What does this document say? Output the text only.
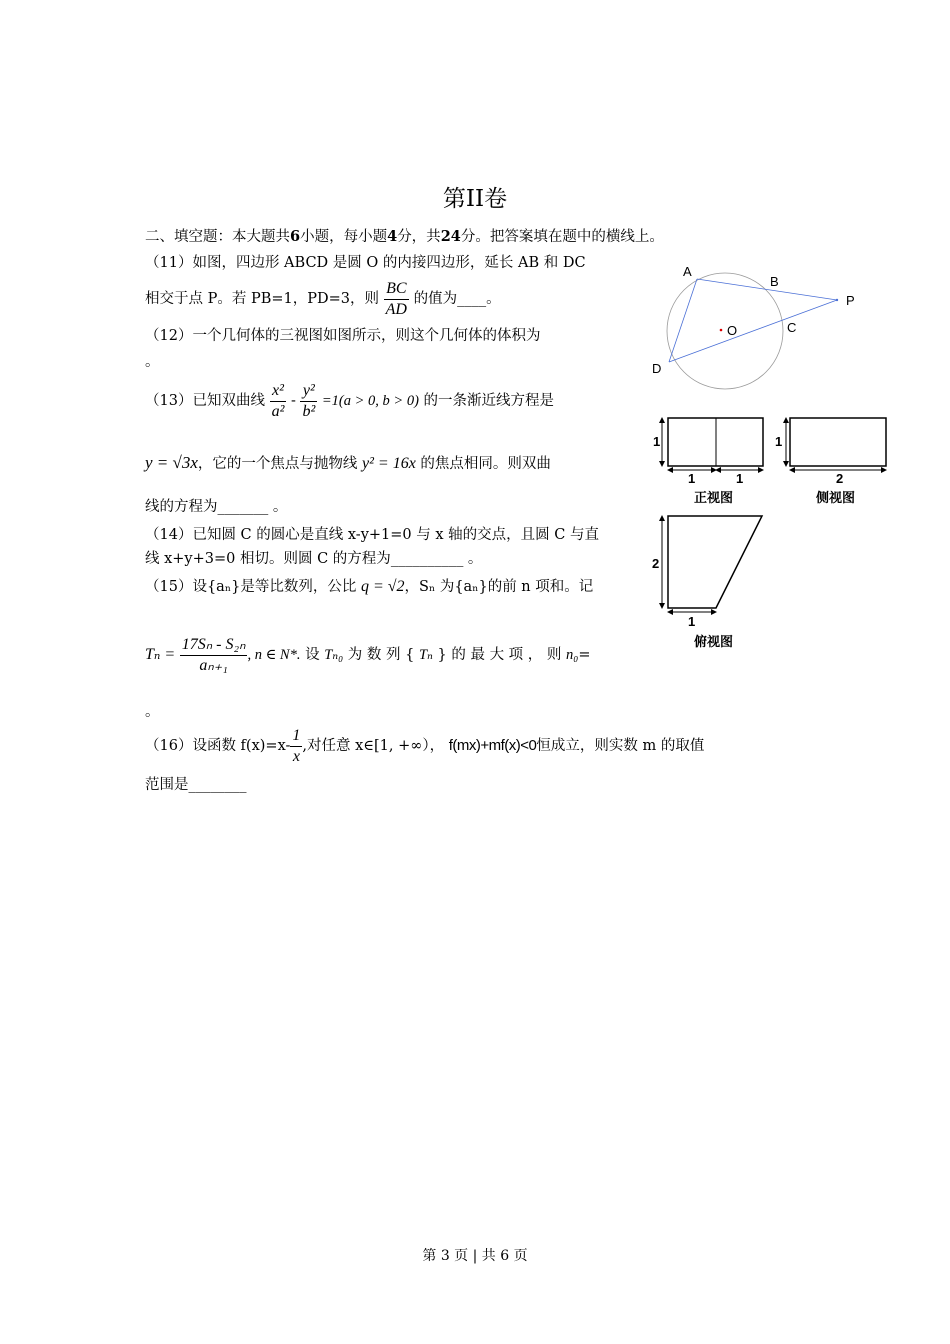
第II卷
二、填空题：本大题共6小题，每小题4分，共24分。把答案填在题中的横线上。
（11）如图，四边形 ABCD 是圆 O 的内接四边形，延长 AB 和 DC
相交于点 P。若 PB=1，PD=3，则 $\frac{BC}{AD}$ 的值为____。
（12）一个几何体的三视图如图所示，则这个几何体的体积为
。
（13）已知双曲线 $\frac{\text{x²}}{\text{a²}} - \frac{\text{y²}}{\text{b²}} =1(a > 0$, b > 0) 的一条渐近线方程是
y = √3x，它的一个焦点与抛物线 y² = 16x 的焦点相同。则双曲
线的方程为_______ 。
（14）已知圆 C 的圆心是直线 x-y+1=0 与 x 轴的交点，且圆 C 与直
线 x+y+3=0 相切。则圆 C 的方程为__________ 。
（15）设{aₙ}是等比数列，公比 q = √2，Sₙ 为{aₙ}的前 n 项和。记
$T_n = \frac{\text{17Sₙ - S₂ₙ}}{\text{aₙ₊₁}}$ , n ∈ N*. 设 Tₙ₀ 为 数 列 { Tₙ } 的 最 大 项 ， 则 n₀=
。
（16）设函数 $f(x)=x- \frac{1}{x}$ ,对任意 x∈[1, +∞）， f(mx)+mf(x)<0恒成立，则实数 m 的取值
范围是________
A
B
P
O	C
D
1
1	1
正视图
1
2
侧视图
2
1
俯视图
第 3 页 | 共 6 页
